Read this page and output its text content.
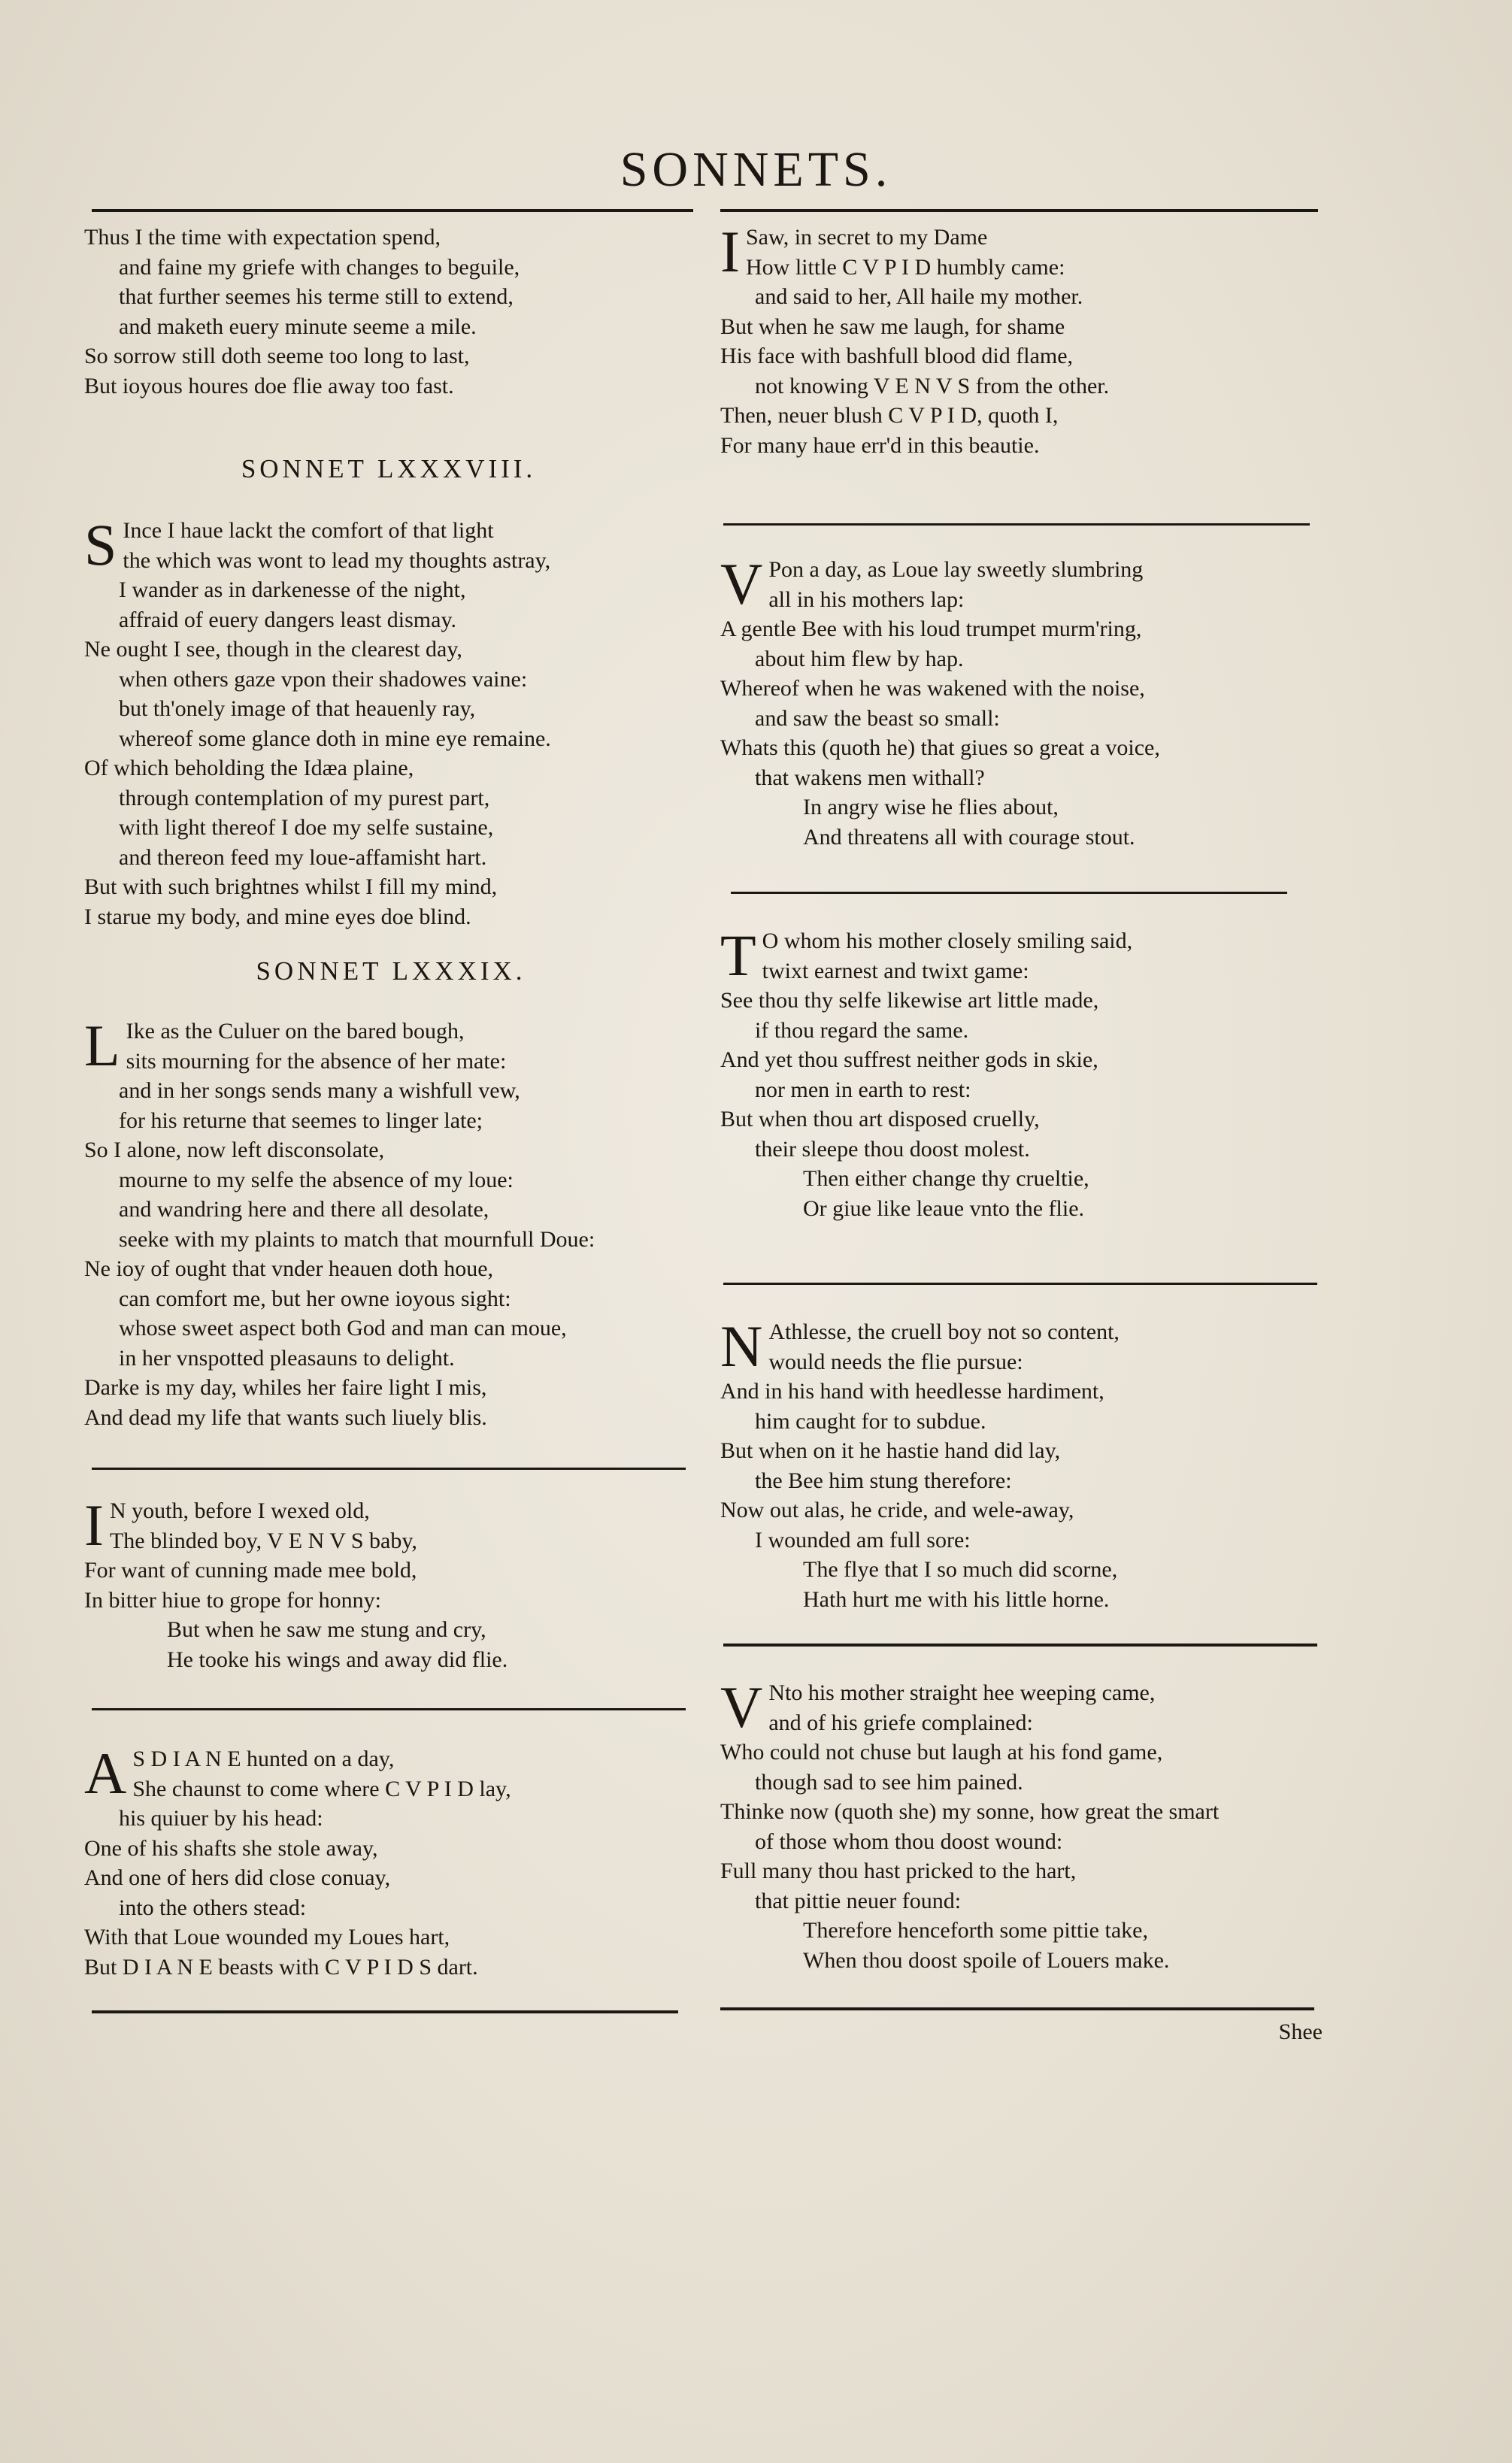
SONNETS.
Thus I the time with expectation spend,
and faine my griefe with changes to beguile,
that further seemes his terme still to extend,
and maketh euery minute seeme a mile.
So sorrow still doth seeme too long to last,
But ioyous houres doe flie away too fast.
SONNET LXXXVIII.
S Ince I haue lackt the comfort of that light
the which was wont to lead my thoughts astray,
I wander as in darkenesse of the night,
affraid of euery dangers least dismay.
Ne ought I see, though in the clearest day,
when others gaze vpon their shadowes vaine:
but th'onely image of that heauenly ray,
whereof some glance doth in mine eye remaine.
Of which beholding the Idæa plaine,
through contemplation of my purest part,
with light thereof I doe my selfe sustaine,
and thereon feed my loue-affamisht hart.
But with such brightnes whilst I fill my mind,
I starue my body, and mine eyes doe blind.
SONNET LXXXIX.
L Ike as the Culuer on the bared bough,
sits mourning for the absence of her mate:
and in her songs sends many a wishfull vew,
for his returne that seemes to linger late;
So I alone, now left disconsolate,
mourne to my selfe the absence of my loue:
and wandring here and there all desolate,
seeke with my plaints to match that mournfull Doue:
Ne ioy of ought that vnder heauen doth houe,
can comfort me, but her owne ioyous sight:
whose sweet aspect both God and man can moue,
in her vnspotted pleasauns to delight.
Darke is my day, whiles her faire light I mis,
And dead my life that wants such liuely blis.
I N youth, before I wexed old,
The blinded boy, V E N V S baby,
For want of cunning made mee bold,
In bitter hiue to grope for honny:
But when he saw me stung and cry,
He tooke his wings and away did flie.
A S D I A N E hunted on a day,
She chaunst to come where C V P I D lay,
his quiuer by his head:
One of his shafts she stole away,
And one of hers did close conuay,
into the others stead:
With that Loue wounded my Loues hart,
But D I A N E beasts with C V P I D S dart.
I Saw, in secret to my Dame
How little C V P I D humbly came:
and said to her, All haile my mother.
But when he saw me laugh, for shame
His face with bashfull blood did flame,
not knowing V E N V S from the other.
Then, neuer blush C V P I D, quoth I,
For many haue err'd in this beautie.
V Pon a day, as Loue lay sweetly slumbring
all in his mothers lap:
A gentle Bee with his loud trumpet murm'ring,
about him flew by hap.
Whereof when he was wakened with the noise,
and saw the beast so small:
Whats this (quoth he) that giues so great a voice,
that wakens men withall?
In angry wise he flies about,
And threatens all with courage stout.
T O whom his mother closely smiling said,
twixt earnest and twixt game:
See thou thy selfe likewise art little made,
if thou regard the same.
And yet thou suffrest neither gods in skie,
nor men in earth to rest:
But when thou art disposed cruelly,
their sleepe thou doost molest.
Then either change thy crueltie,
Or giue like leaue vnto the flie.
N Athlesse, the cruell boy not so content,
would needs the flie pursue:
And in his hand with heedlesse hardiment,
him caught for to subdue.
But when on it he hastie hand did lay,
the Bee him stung therefore:
Now out alas, he cride, and wele-away,
I wounded am full sore:
The flye that I so much did scorne,
Hath hurt me with his little horne.
V Nto his mother straight hee weeping came,
and of his griefe complained:
Who could not chuse but laugh at his fond game,
though sad to see him pained.
Thinke now (quoth she) my sonne, how great the smart
of those whom thou doost wound:
Full many thou hast pricked to the hart,
that pittie neuer found:
Therefore henceforth some pittie take,
When thou doost spoile of Louers make.
Shee
